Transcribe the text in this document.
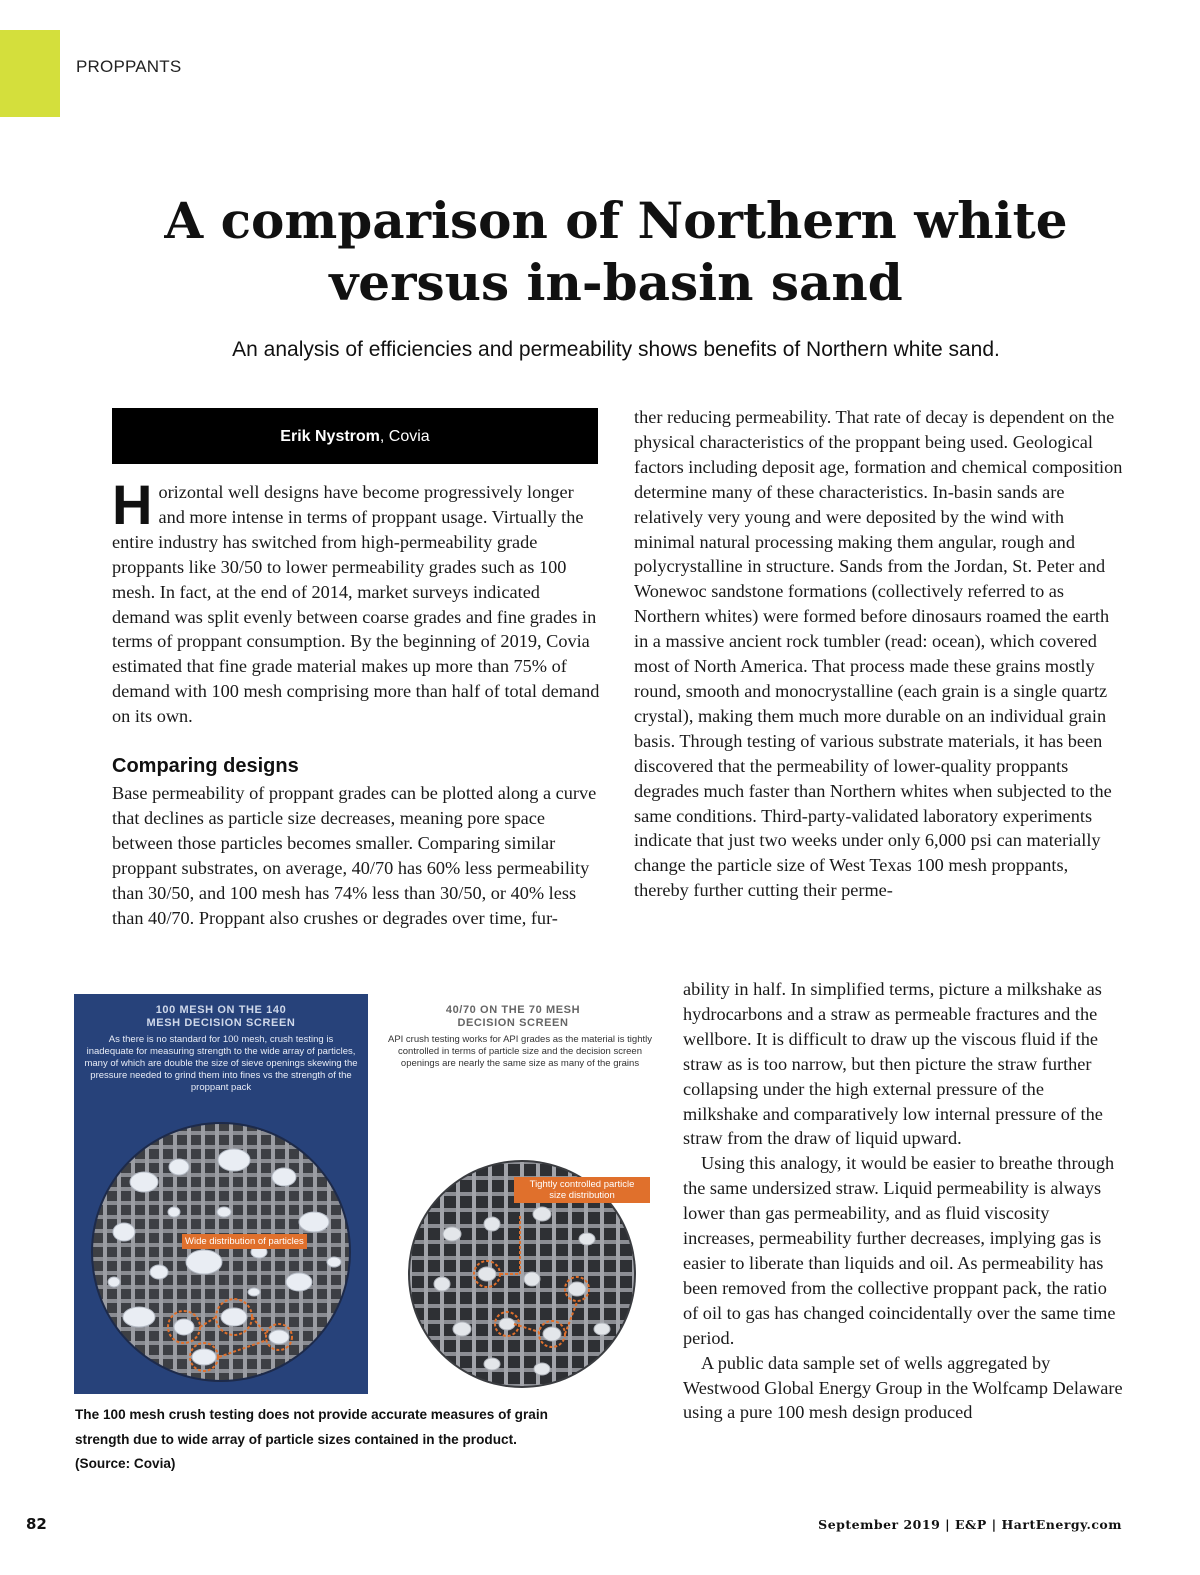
PROPPANTS
A comparison of Northern white
versus in-basin sand

An analysis of efficiencies and permeability shows benefits of Northern white sand.

Erik Nystrom, Covia

Horizontal well designs have become progressively longer and more intense in terms of proppant usage. Virtually the entire industry has switched from high-permeability grade proppants like 30/50 to lower permeability grades such as 100 mesh. In fact, at the end of 2014, market surveys indicated demand was split evenly between coarse grades and fine grades in terms of proppant consumption. By the beginning of 2019, Covia estimated that fine grade material makes up more than 75% of demand with 100 mesh comprising more than half of total demand on its own.

Comparing designs

Base permeability of proppant grades can be plotted along a curve that declines as particle size decreases, meaning pore space between those particles becomes smaller. Comparing similar proppant substrates, on average, 40/70 has 60% less permeability than 30/50, and 100 mesh has 74% less than 30/50, or 40% less than 40/70. Proppant also crushes or degrades over time, fur-

ther reducing permeability. That rate of decay is dependent on the physical characteristics of the proppant being used. Geological factors including deposit age, formation and chemical composition determine many of these characteristics. In-basin sands are relatively very young and were deposited by the wind with minimal natural processing making them angular, rough and polycrystalline in structure. Sands from the Jordan, St. Peter and Wonewoc sandstone formations (collectively referred to as Northern whites) were formed before dinosaurs roamed the earth in a massive ancient rock tumbler (read: ocean), which covered most of North America. That process made these grains mostly round, smooth and monocrystalline (each grain is a single quartz crystal), making them much more durable on an individual grain basis. Through testing of various substrate materials, it has been discovered that the permeability of lower-quality proppants degrades much faster than Northern whites when subjected to the same conditions. Third-party-validated laboratory experiments indicate that just two weeks under only 6,000 psi can materially change the particle size of West Texas 100 mesh proppants, thereby further cutting their perme-

ability in half. In simplified terms, picture a milkshake as hydrocarbons and a straw as permeable fractures and the wellbore. It is difficult to draw up the viscous fluid if the straw as is too narrow, but then picture the straw further collapsing under the high external pressure of the milkshake and comparatively low internal pressure of the straw from the draw of liquid upward.

Using this analogy, it would be easier to breathe through the same undersized straw. Liquid permeability is always lower than gas permeability, and as fluid viscosity increases, permeability further decreases, implying gas is easier to liberate than liquids and oil. As permeability has been removed from the collective proppant pack, the ratio of oil to gas has changed coincidentally over the same time period.

A public data sample set of wells aggregated by Westwood Global Energy Group in the Wolfcamp Delaware using a pure 100 mesh design produced

100 MESH ON THE 140
MESH DECISION SCREEN
As there is no standard for 100 mesh, crush testing is inadequate for measuring strength to the wide array of particles, many of which are double the size of sieve openings skewing the pressure needed to grind them into fines vs the strength of the proppant pack
Wide distribution of particles
40/70 ON THE 70 MESH
DECISION SCREEN
API crush testing works for API grades as the material is tightly controlled in terms of particle size and the decision screen openings are nearly the same size as many of the grains
Tightly controlled particle
size distribution
The 100 mesh crush testing does not provide accurate measures of grain
strength due to wide array of particle sizes contained in the product.
(Source: Covia)
82	September 2019 | E&P | HartEnergy.com
